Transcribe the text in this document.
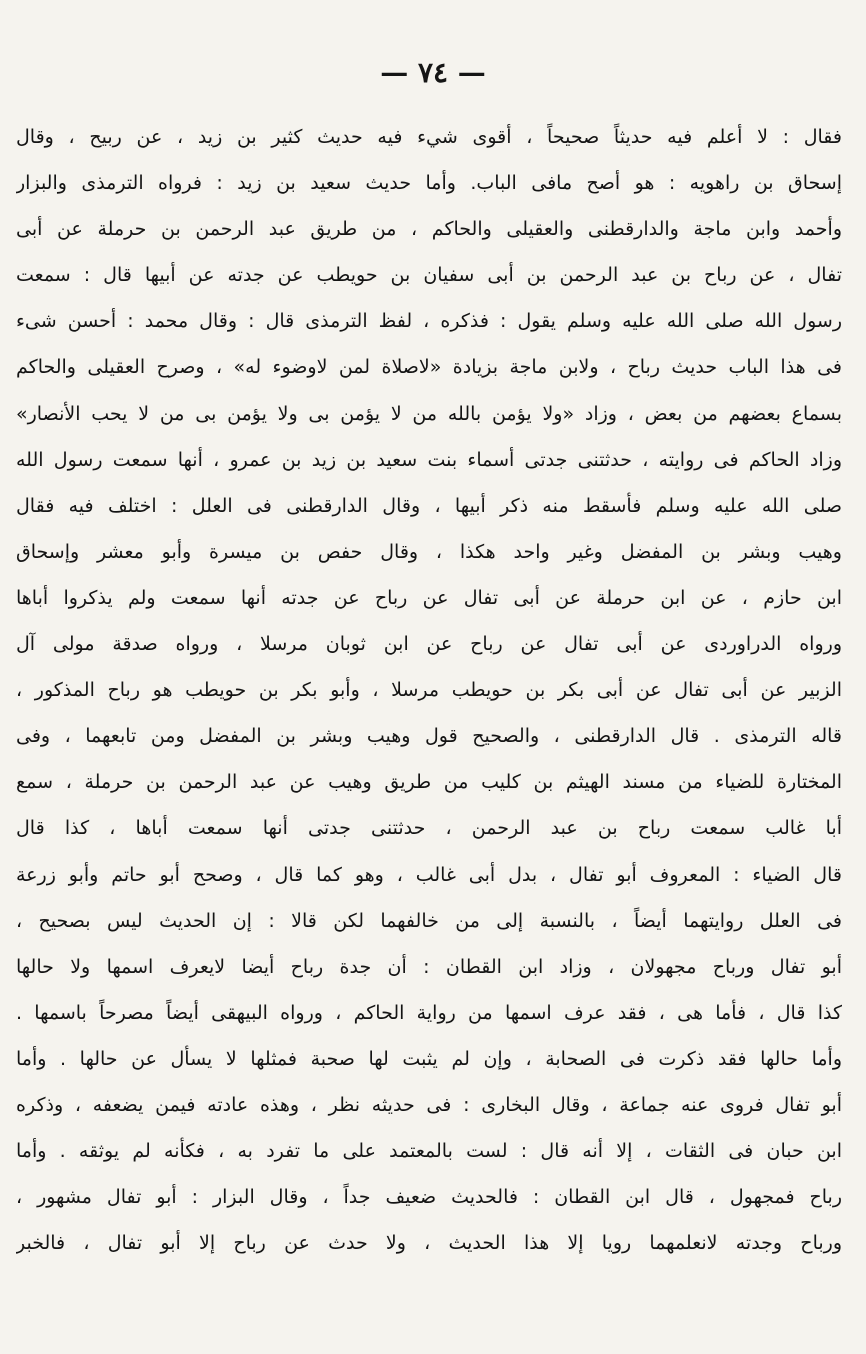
— ٧٤ —
فقال : لا أعلم فيه حديثاً صحيحاً ، أقوى شيء فيه حديث كثير بن زيد ، عن ربيح ، وقال
إسحاق بن راهويه : هو أصح مافى الباب. وأما حديث سعيد بن زيد : فرواه الترمذى والبزار
وأحمد وابن ماجة والدارقطنى والعقيلى والحاكم ، من طريق عبد الرحمن بن حرملة عن أبى
تفال ، عن رباح بن عبد الرحمن بن أبى سفيان بن حويطب عن جدته عن أبيها قال : سمعت
رسول الله صلى الله عليه وسلم يقول : فذكره ، لفظ الترمذى قال : وقال محمد : أحسن شىء
فى هذا الباب حديث رباح ، ولابن ماجة بزيادة «لاصلاة لمن لاوضوء له» ، وصرح العقيلى والحاكم
بسماع بعضهم من بعض ، وزاد «ولا يؤمن بالله من لا يؤمن بى ولا يؤمن بى من لا يحب الأنصار»
وزاد الحاكم فى روايته ، حدثتنى جدتى أسماء بنت سعيد بن زيد بن عمرو ، أنها سمعت رسول الله
صلى الله عليه وسلم فأسقط منه ذكر أبيها ، وقال الدارقطنى فى العلل : اختلف فيه فقال
وهيب وبشر بن المفضل وغير واحد هكذا ، وقال حفص بن ميسرة وأبو معشر وإسحاق
ابن حازم ، عن ابن حرملة عن أبى تفال عن رباح عن جدته أنها سمعت ولم يذكروا أباها
ورواه الدراوردى عن أبى تفال عن رباح عن ابن ثوبان مرسلا ، ورواه صدقة مولى آل
الزبير عن أبى تفال عن أبى بكر بن حويطب مرسلا ، وأبو بكر بن حويطب هو رباح المذكور ،
قاله الترمذى . قال الدارقطنى ، والصحيح قول وهيب وبشر بن المفضل ومن تابعهما ، وفى
المختارة للضياء من مسند الهيثم بن كليب من طريق وهيب عن عبد الرحمن بن حرملة ، سمع
أبا غالب سمعت رباح بن عبد الرحمن ، حدثتنى جدتى أنها سمعت أباها ، كذا قال
قال الضياء : المعروف أبو تفال ، بدل أبى غالب ، وهو كما قال ، وصحح أبو حاتم وأبو زرعة
فى العلل روايتهما أيضاً ، بالنسبة إلى من خالفهما لكن قالا : إن الحديث ليس بصحيح ،
أبو تفال ورباح مجهولان ، وزاد ابن القطان : أن جدة رباح أيضا لايعرف اسمها ولا حالها
كذا قال ، فأما هى ، فقد عرف اسمها من رواية الحاكم ، ورواه البيهقى أيضاً مصرحاً باسمها .
وأما حالها فقد ذكرت فى الصحابة ، وإن لم يثبت لها صحبة فمثلها لا يسأل عن حالها . وأما
أبو تفال فروى عنه جماعة ، وقال البخارى : فى حديثه نظر ، وهذه عادته فيمن يضعفه ، وذكره
ابن حبان فى الثقات ، إلا أنه قال : لست بالمعتمد على ما تفرد به ، فكأنه لم يوثقه . وأما
رباح فمجهول ، قال ابن القطان : فالحديث ضعيف جداً ، وقال البزار : أبو تفال مشهور ،
ورباح وجدته لانعلمهما رويا إلا هذا الحديث ، ولا حدث عن رباح إلا أبو تفال ، فالخبر
